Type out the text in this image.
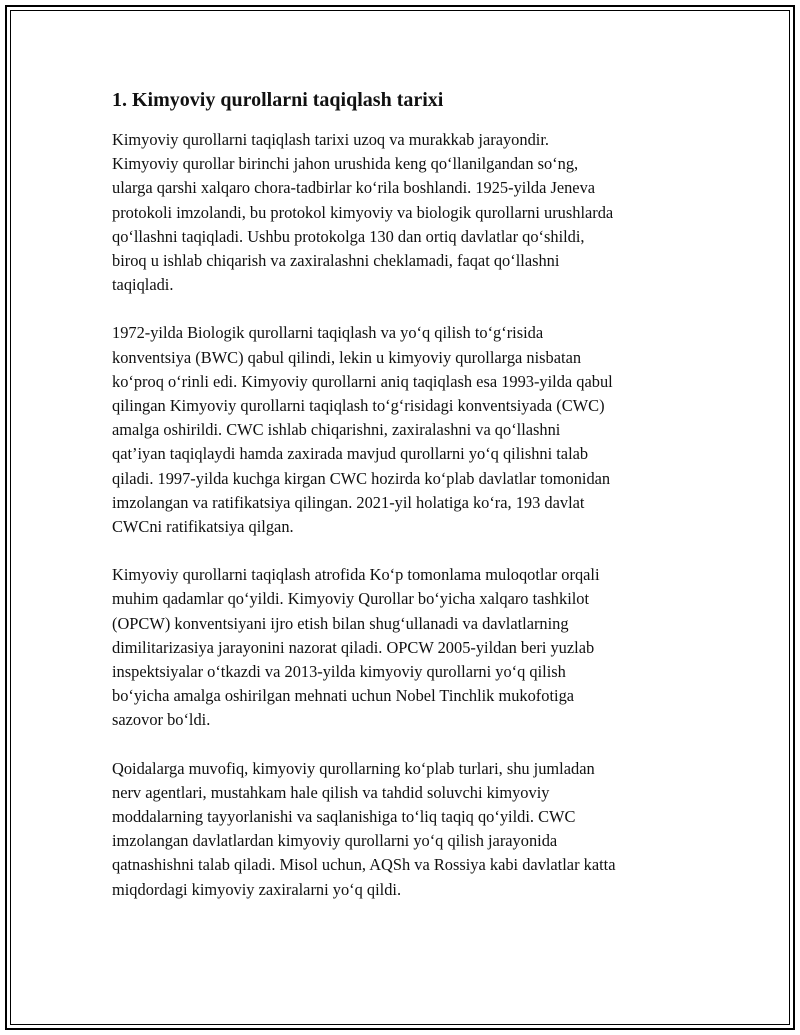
1. Kimyoviy qurollarni taqiqlash tarixi

Kimyoviy qurollarni taqiqlash tarixi uzoq va murakkab jarayondir.
Kimyoviy qurollar birinchi jahon urushida keng qo‘llanilgandan so‘ng,
ularga qarshi xalqaro chora-tadbirlar ko‘rila boshlandi. 1925-yilda Jeneva
protokoli imzolandi, bu protokol kimyoviy va biologik qurollarni urushlarda
qo‘llashni taqiqladi. Ushbu protokolga 130 dan ortiq davlatlar qo‘shildi,
biroq u ishlab chiqarish va zaxiralashni cheklamadi, faqat qo‘llashni
taqiqladi.

1972-yilda Biologik qurollarni taqiqlash va yo‘q qilish to‘g‘risida
konventsiya (BWC) qabul qilindi, lekin u kimyoviy qurollarga nisbatan
ko‘proq o‘rinli edi. Kimyoviy qurollarni aniq taqiqlash esa 1993-yilda qabul
qilingan Kimyoviy qurollarni taqiqlash to‘g‘risidagi konventsiyada (CWC)
amalga oshirildi. CWC ishlab chiqarishni, zaxiralashni va qo‘llashni
qat’iyan taqiqlaydi hamda zaxirada mavjud qurollarni yo‘q qilishni talab
qiladi. 1997-yilda kuchga kirgan CWC hozirda ko‘plab davlatlar tomonidan
imzolangan va ratifikatsiya qilingan. 2021-yil holatiga ko‘ra, 193 davlat
CWCni ratifikatsiya qilgan.

Kimyoviy qurollarni taqiqlash atrofida Ko‘p tomonlama muloqotlar orqali
muhim qadamlar qo‘yildi. Kimyoviy Qurollar bo‘yicha xalqaro tashkilot
(OPCW) konventsiyani ijro etish bilan shug‘ullanadi va davlatlarning
dimilitarizasiya jarayonini nazorat qiladi. OPCW 2005-yildan beri yuzlab
inspektsiyalar o‘tkazdi va 2013-yilda kimyoviy qurollarni yo‘q qilish
bo‘yicha amalga oshirilgan mehnati uchun Nobel Tinchlik mukofotiga
sazovor bo‘ldi.

Qoidalarga muvofiq, kimyoviy qurollarning ko‘plab turlari, shu jumladan
nerv agentlari, mustahkam hale qilish va tahdid soluvchi kimyoviy
moddalarning tayyorlanishi va saqlanishiga to‘liq taqiq qo‘yildi. CWC
imzolangan davlatlardan kimyoviy qurollarni yo‘q qilish jarayonida
qatnashishni talab qiladi. Misol uchun, AQSh va Rossiya kabi davlatlar katta
miqdordagi kimyoviy zaxiralarni yo‘q qildi.
